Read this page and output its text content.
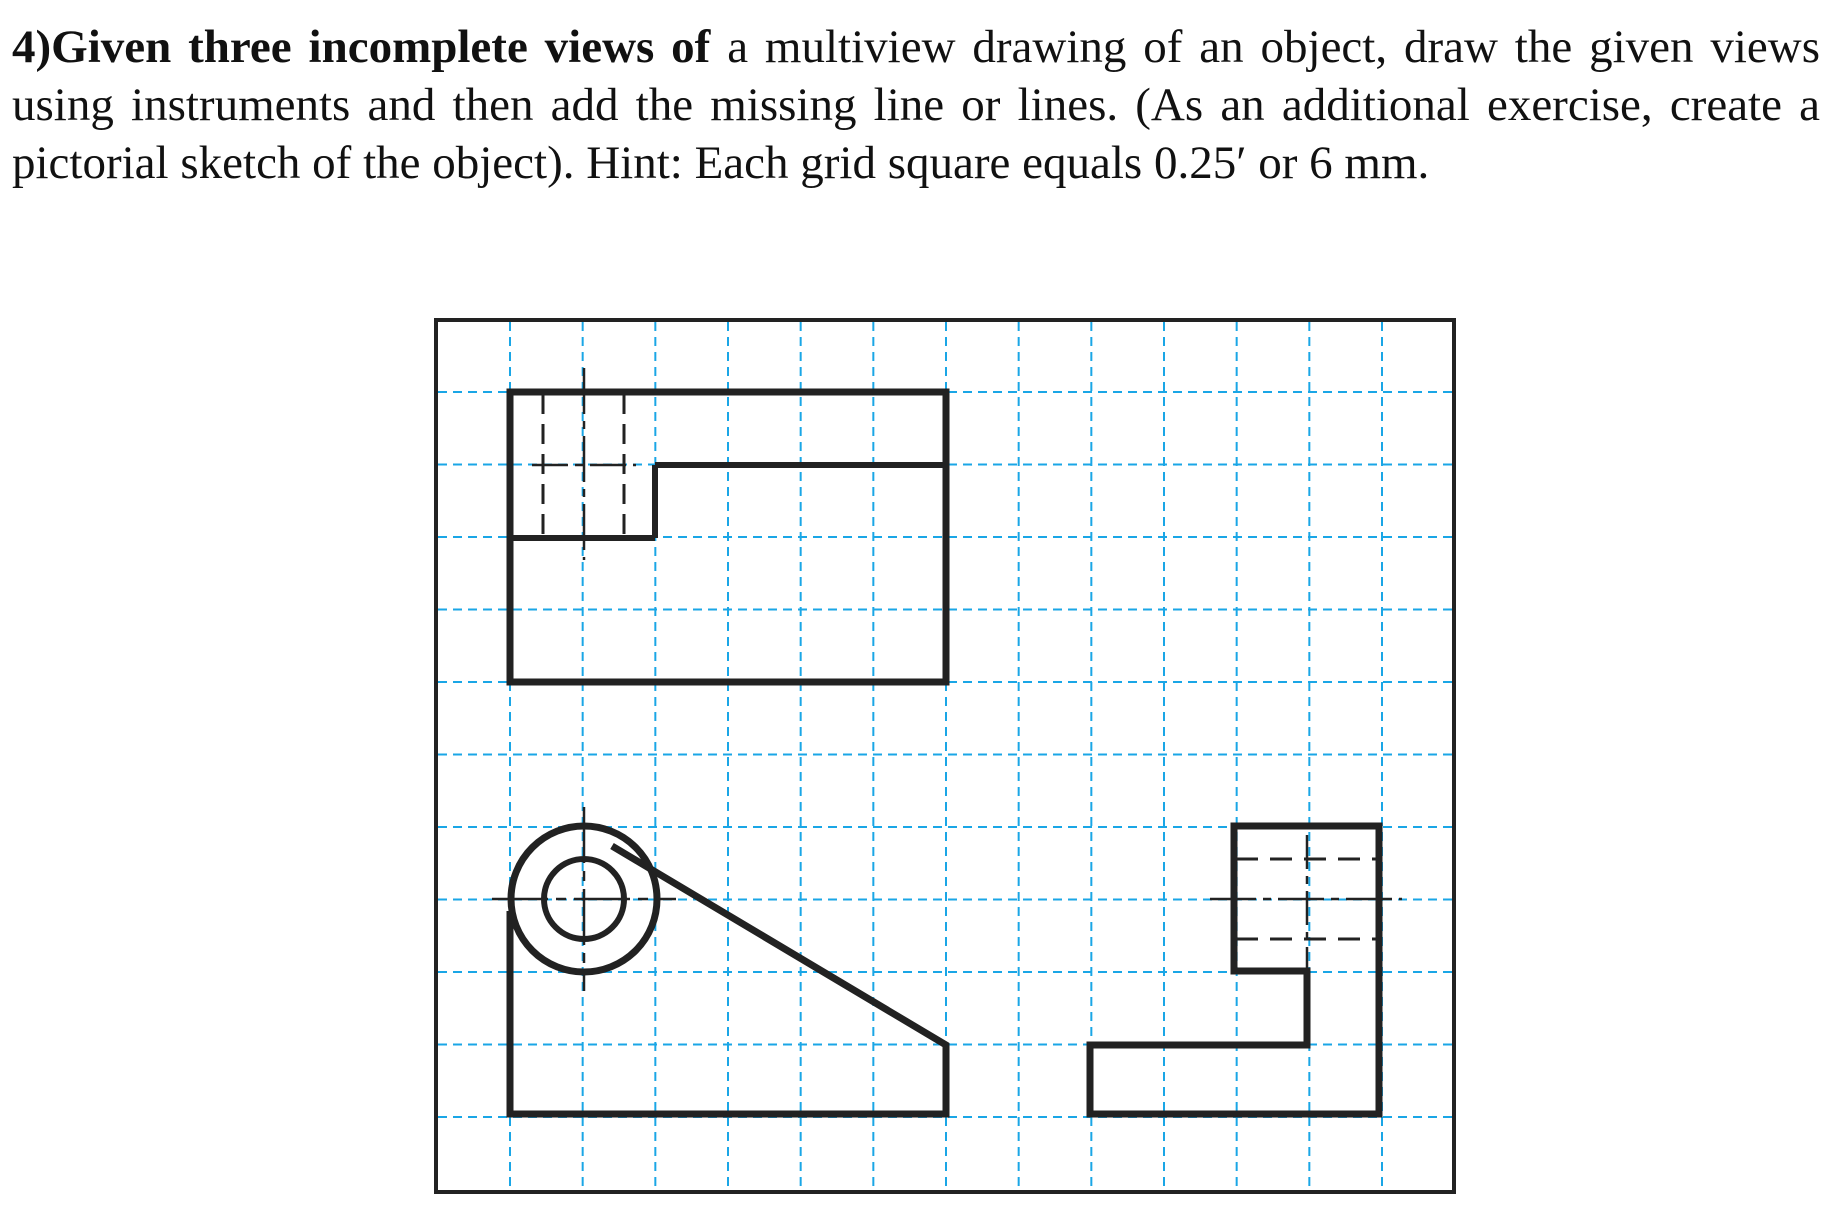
4)Given three incomplete views of a multiview drawing of an object, draw the given views using instruments and then add the missing line or lines. (As an additional exercise, create a pictorial sketch of the object). Hint: Each grid square equals 0.25′ or 6 mm.
